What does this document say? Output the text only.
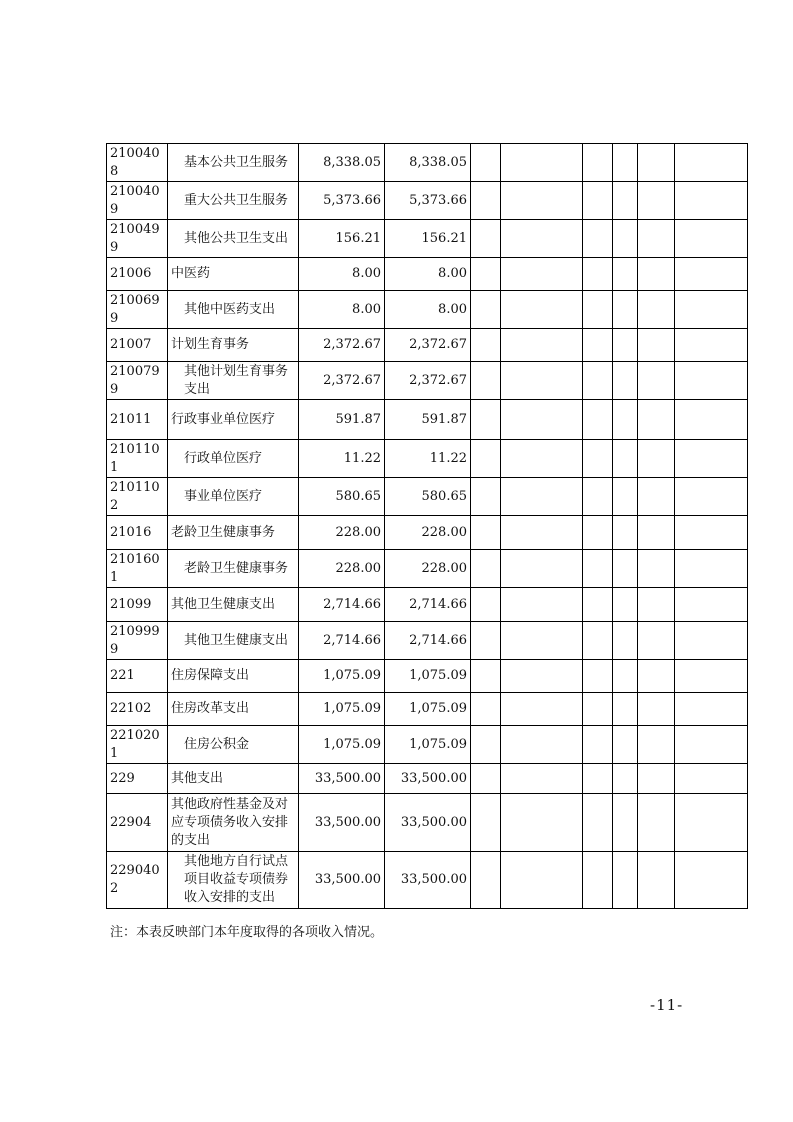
2100408	基本公共卫生服务	8,338.05	8,338.05						
2100409	重大公共卫生服务	5,373.66	5,373.66						
2100499	其他公共卫生支出	156.21	156.21						
21006	中医药	8.00	8.00						
2100699	其他中医药支出	8.00	8.00						
21007	计划生育事务	2,372.67	2,372.67						
2100799	其他计划生育事务支出	2,372.67	2,372.67						
21011	行政事业单位医疗	591.87	591.87						
2101101	行政单位医疗	11.22	11.22						
2101102	事业单位医疗	580.65	580.65						
21016	老龄卫生健康事务	228.00	228.00						
2101601	老龄卫生健康事务	228.00	228.00						
21099	其他卫生健康支出	2,714.66	2,714.66						
2109999	其他卫生健康支出	2,714.66	2,714.66						
221	住房保障支出	1,075.09	1,075.09						
22102	住房改革支出	1,075.09	1,075.09						
2210201	住房公积金	1,075.09	1,075.09						
229	其他支出	33,500.00	33,500.00						
22904	其他政府性基金及对应专项债务收入安排的支出	33,500.00	33,500.00						
2290402	其他地方自行试点项目收益专项债券收入安排的支出	33,500.00	33,500.00						
注：本表反映部门本年度取得的各项收入情况。
-11-
